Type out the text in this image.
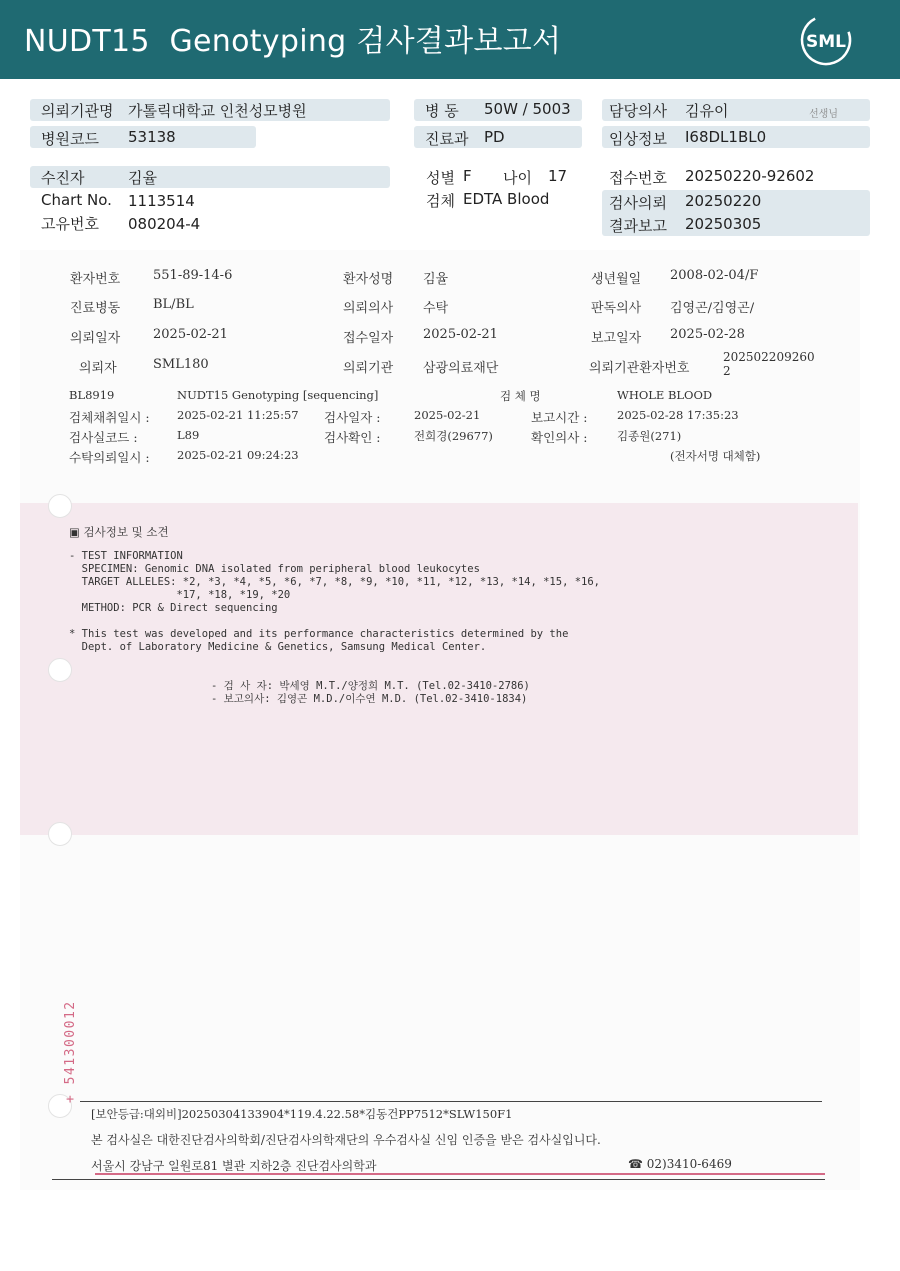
NUDT15  Genotyping 검사결과보고서	SML
의뢰기관명 가톨릭대학교 인천성모병원	병 동 50W / 5003	담당의사 김유이	선생님
병원코드 53138	진료과 PD	임상정보 I68DL1BL0
수진자	김율	성별 F 나이 17	접수번호 20250220-92602
Chart No. 1113514	검체 EDTA Blood	검사의뢰 20250220
고유번호 080204-4	결과보고 20250305
환자번호	551-89-14-6	환자성명 김율	생년월일 2008-02-04/F
진료병동	BL/BL	의뢰의사 수탁	판독의사 김영곤/김영곤/
의뢰일자	2025-02-21	접수일자 2025-02-21	보고일자 2025-02-28
의뢰자	SML180	의뢰기관 삼광의료재단	의뢰기관환자번호
202502209260
2
BL8919	NUDT15 Genotyping [sequencing]	검 체 명	WHOLE BLOOD
검체채취일시 : 2025-02-21 11:25:57 검사일자 :	2025-02-21	보고시간 :	2025-02-28 17:35:23
검사실코드 :	L89	검사확인 :	전희경(29677)	확인의사 :	김종원(271)
수탁의뢰일시 : 2025-02-21 09:24:23	(전자서명 대체함)
▣ 검사정보 및 소견
- TEST INFORMATION
SPECIMEN: Genomic DNA isolated from peripheral blood leukocytes
TARGET ALLELES: *2, *3, *4, *5, *6, *7, *8, *9, *10, *11, *12, *13, *14, *15, *16,
*17, *18, *19, *20
METHOD: PCR & Direct sequencing
* This test was developed and its performance characteristics determined by the
Dept. of Laboratory Medicine & Genetics, Samsung Medical Center.
- 검 사 자: 박세영 M.T./양정희 M.T. (Tel.02-3410-2786)
- 보고의사: 김영곤 M.D./이수연 M.D. (Tel.02-3410-1834)
+ 541300012
[보안등급:대외비]20250304133904*119.4.22.58*김동건PP7512*SLW150F1
본 검사실은 대한진단검사의학회/진단검사의학재단의 우수검사실 신임 인증을 받은 검사실입니다.
서울시 강남구 일원로81 별관 지하2층 진단검사의학과	☎ 02)3410-6469
